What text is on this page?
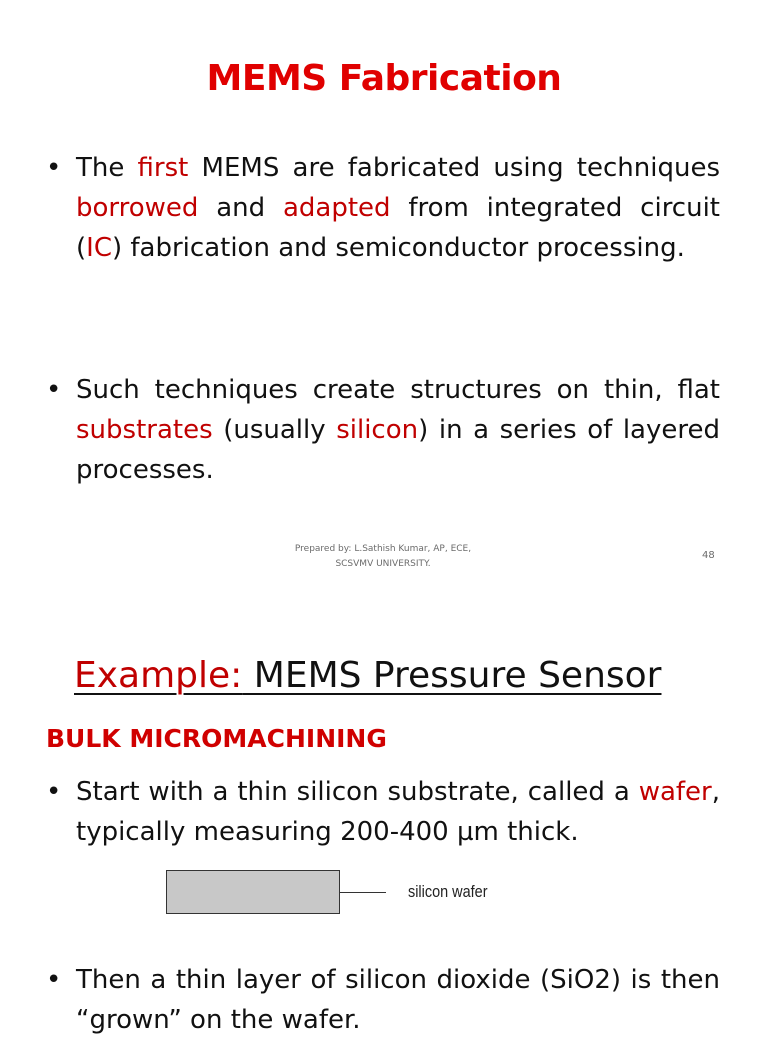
MEMS Fabrication
• The first MEMS are fabricated using techniques borrowed and adapted from integrated circuit (IC) fabrication and semiconductor processing.
• Such techniques create structures on thin, flat substrates (usually silicon) in a series of layered processes.
Prepared by: L.Sathish Kumar, AP, ECE,
SCSVMV UNIVERSITY.
48
Example: MEMS Pressure Sensor
BULK MICROMACHINING
• Start with a thin silicon substrate, called a wafer, typically measuring 200-400 µm thick.
silicon wafer
• Then a thin layer of silicon dioxide (SiO2) is then “grown” on the wafer.
